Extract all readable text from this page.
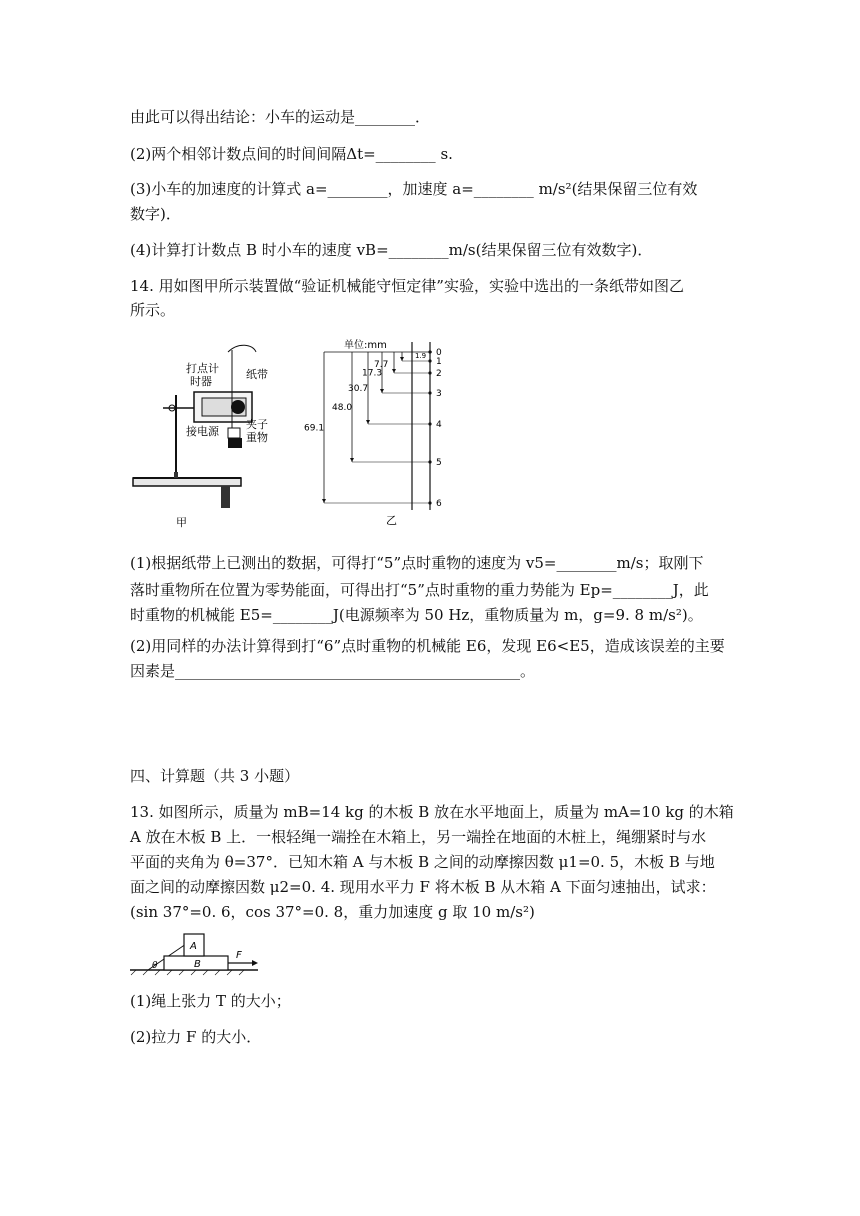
由此可以得出结论：小车的运动是________．
(2)两个相邻计数点间的时间间隔Δt=________ s.
(3)小车的加速度的计算式 a=________，加速度 a=________ m/s²(结果保留三位有效
数字)．
(4)计算打计数点 B 时小车的速度 vB=________m/s(结果保留三位有效数字)．
14. 用如图甲所示装置做“验证机械能守恒定律”实验，实验中选出的一条纸带如图乙
所示。
打点计
时器
纸带
接电源
夹子
重物
甲
单位:mm
0
1
1.9
2
7.7
3
17.3
4
30.7
5
48.0
6
69.1
乙
(1)根据纸带上已测出的数据，可得打“5”点时重物的速度为 v5=________m/s；取刚下
落时重物所在位置为零势能面，可得出打“5”点时重物的重力势能为 Ep=________J，此
时重物的机械能 E5=________J(电源频率为 50 Hz，重物质量为 m，g=9. 8 m/s²)。
(2)用同样的办法计算得到打“6”点时重物的机械能 E6，发现 E6<E5，造成该误差的主要
因素是______________________________________________。
四、计算题（共 3 小题）
13. 如图所示，质量为 mB=14 kg 的木板 B 放在水平地面上，质量为 mA=10 kg 的木箱
A 放在木板 B 上．一根轻绳一端拴在木箱上，另一端拴在地面的木桩上，绳绷紧时与水
平面的夹角为 θ=37°．已知木箱 A 与木板 B 之间的动摩擦因数 μ1=0. 5，木板 B 与地
面之间的动摩擦因数 μ2=0. 4. 现用水平力 F 将木板 B 从木箱 A 下面匀速抽出，试求：
(sin 37°=0. 6，cos 37°=0. 8，重力加速度 g 取 10 m/s²)
A
B
F
θ
(1)绳上张力 T 的大小；
(2)拉力 F 的大小．
